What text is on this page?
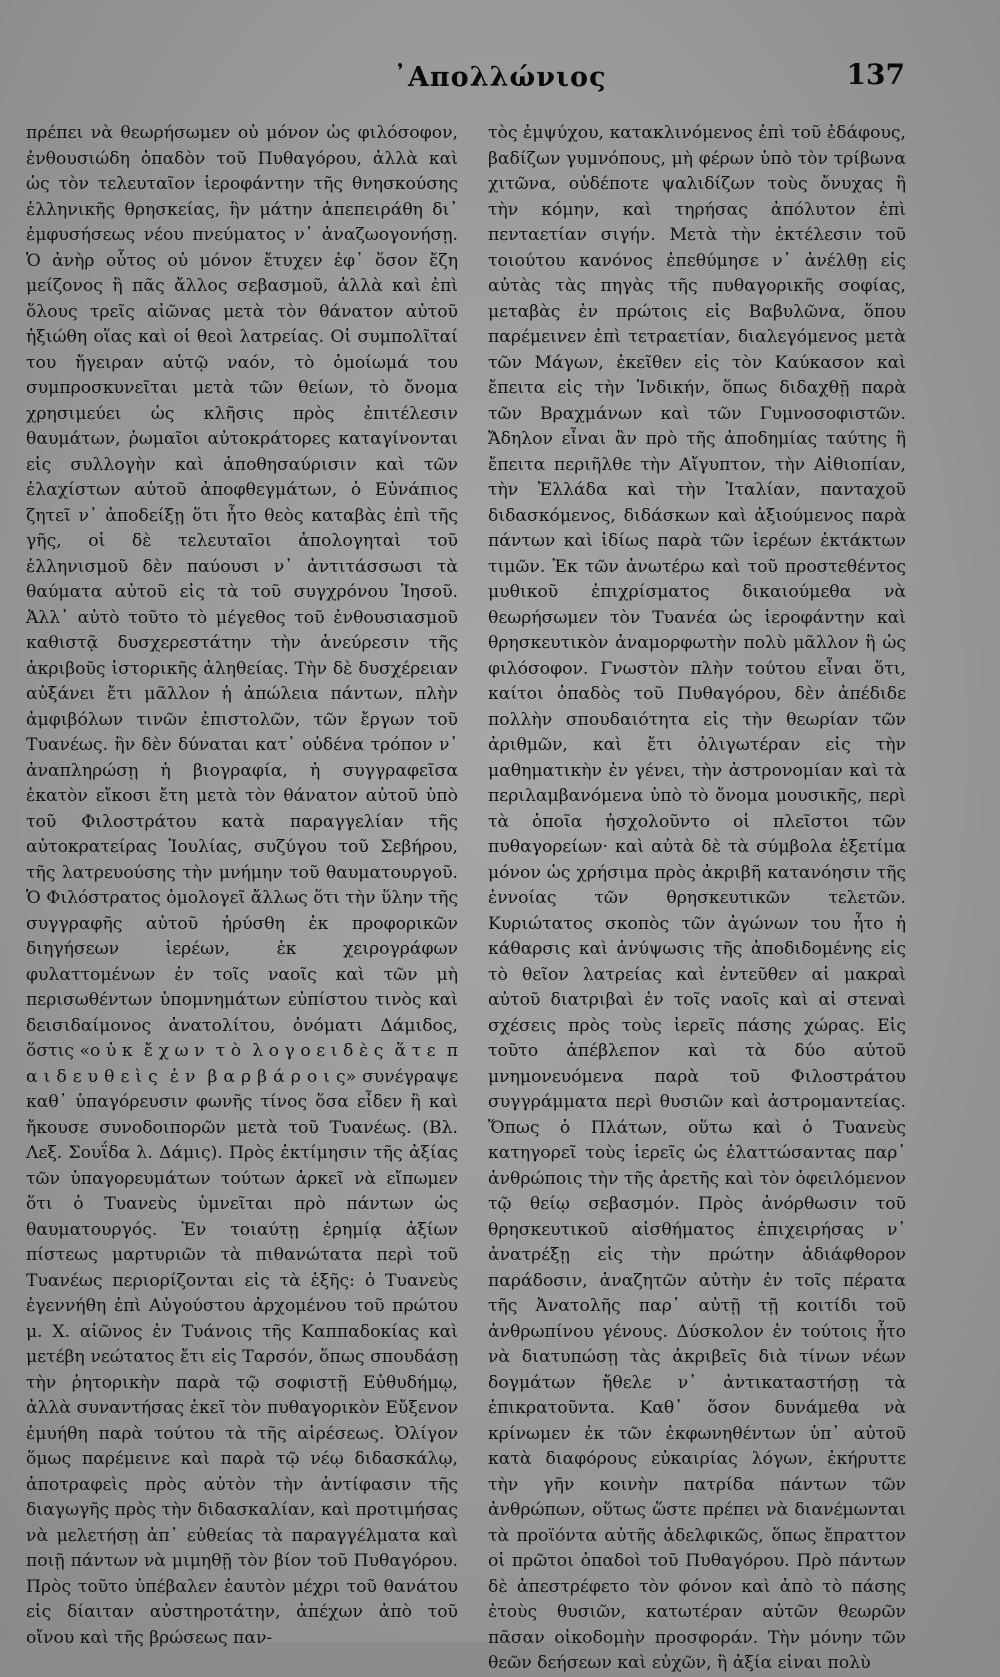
᾿Απολλώνιος	137

πρέπει νὰ θεωρήσωμεν οὐ μόνον ὡς φιλόσοφον, ἐνθουσιώδη ὀπαδὸν τοῦ Πυθαγόρου, ἀλλὰ καὶ ὡς τὸν τελευταῖον ἱεροφάντην τῆς θνησκούσης ἑλληνικῆς θρησκείας, ἣν μάτην ἀπεπειράθη δι᾿ ἐμφυσήσεως νέου πνεύματος ν᾿ ἀναζωογονήσῃ. Ὁ ἀνὴρ οὗτος οὐ μόνον ἔτυχεν ἐφ᾿ ὅσον ἔζη μείζονος ἢ πᾶς ἄλλος σεβασμοῦ, ἀλλὰ καὶ ἐπὶ ὅλους τρεῖς αἰῶνας μετὰ τὸν θάνατον αὐτοῦ ἠξιώθη οἵας καὶ οἱ θεοὶ λατρείας. Οἱ συμπολῖταί του ἤγειραν αὐτῷ ναόν, τὸ ὁμοίωμά του συμπροσκυνεῖται μετὰ τῶν θείων, τὸ ὄνομα χρησιμεύει ὡς κλῆσις πρὸς ἐπιτέλεσιν θαυμάτων, ῥωμαῖοι αὐτοκράτορες καταγίνονται εἰς συλλογὴν καὶ ἀποθησαύρισιν καὶ τῶν ἐλαχίστων αὐτοῦ ἀποφθεγμάτων, ὁ Εὐνάπιος ζητεῖ ν᾿ ἀποδείξῃ ὅτι ἦτο θεὸς καταβὰς ἐπὶ τῆς γῆς, οἱ δὲ τελευταῖοι ἀπολογηταὶ τοῦ ἑλληνισμοῦ δὲν παύουσι ν᾿ ἀντιτάσσωσι τὰ θαύματα αὐτοῦ εἰς τὰ τοῦ συγχρόνου Ἰησοῦ. Ἀλλ᾿ αὐτὸ τοῦτο τὸ μέγεθος τοῦ ἐνθουσιασμοῦ καθιστᾷ δυσχερεστάτην τὴν ἀνεύρεσιν τῆς ἀκριβοῦς ἱστορικῆς ἀληθείας. Τὴν δὲ δυσχέρειαν αὐξάνει ἔτι μᾶλλον ἡ ἀπώλεια πάντων, πλὴν ἀμφιβόλων τινῶν ἐπιστολῶν, τῶν ἔργων τοῦ Τυανέως. ἣν δὲν δύναται κατ᾿ οὐδένα τρόπον ν᾿ ἀναπληρώσῃ ἡ βιογραφία, ἡ συγγραφεῖσα ἑκατὸν εἴκοσι ἔτη μετὰ τὸν θάνατον αὐτοῦ ὑπὸ τοῦ Φιλοστράτου κατὰ παραγγελίαν τῆς αὐτοκρατείρας Ἰουλίας, συζύγου τοῦ Σεβήρου, τῆς λατρευούσης τὴν μνήμην τοῦ θαυματουργοῦ. Ὁ Φιλόστρατος ὁμολογεῖ ἄλλως ὅτι τὴν ὕλην τῆς συγγραφῆς αὐτοῦ ἠρύσθη ἐκ προφορικῶν διηγήσεων ἱερέων, ἐκ χειρογράφων φυλαττομένων ἐν τοῖς ναοῖς καὶ τῶν μὴ περισωθέντων ὑπομνημάτων εὐπίστου τινὸς καὶ δεισιδαίμονος ἀνατολίτου, ὀνόματι Δάμιδος, ὅστις «ο ὐ κ  ἔ χ ω ν  τ ὸ  λ ο γ ο ε ι δ ὲ ς  ἅ τ ε  π α ι δ ε υ θ ε ὶ ς  ἐ ν  β α ρ β ά ρ ο ι ς» συνέγραψε καθ᾿ ὑπαγόρευσιν φωνῆς τίνος ὅσα εἶδεν ἢ καὶ ἤκουσε συνοδοιπορῶν μετὰ τοῦ Τυανέως. (Βλ. Λεξ. Σουΐδα λ. Δάμις). Πρὸς ἐκτίμησιν τῆς ἀξίας τῶν ὑπαγορευμάτων τούτων ἀρκεῖ νὰ εἴπωμεν ὅτι ὁ Τυανεὺς ὑμνεῖται πρὸ πάντων ὡς θαυματουργός. Ἐν τοιαύτῃ ἐρημίᾳ ἀξίων πίστεως μαρτυριῶν τὰ πιθανώτατα περὶ τοῦ Τυανέως περιορίζονται εἰς τὰ ἑξῆς: ὁ Τυανεὺς ἐγεννήθη ἐπὶ Αὐγούστου ἀρχομένου τοῦ πρώτου μ. Χ. αἰῶνος ἐν Τυάνοις τῆς Καππαδοκίας καὶ μετέβη νεώτατος ἔτι εἰς Ταρσόν, ὅπως σπουδάσῃ τὴν ῥητορικὴν παρὰ τῷ σοφιστῇ Εὐθυδήμῳ, ἀλλὰ συναντήσας ἐκεῖ τὸν πυθαγορικὸν Εὔξενον ἐμυήθη παρὰ τούτου τὰ τῆς αἱρέσεως. Ὀλίγον ὅμως παρέμεινε καὶ παρὰ τῷ νέῳ διδασκάλῳ, ἀποτραφεὶς πρὸς αὐτὸν τὴν ἀντίφασιν τῆς διαγωγῆς πρὸς τὴν διδασκαλίαν, καὶ προτιμήσας νὰ μελετήσῃ ἀπ᾿ εὐθείας τὰ παραγγέλματα καὶ ποιῇ πάντων νὰ μιμηθῇ τὸν βίον τοῦ Πυθαγόρου. Πρὸς τοῦτο ὑπέβαλεν ἑαυτὸν μέχρι τοῦ θανάτου εἰς δίαιταν αὐστηροτάτην, ἀπέχων ἀπὸ τοῦ οἴνου καὶ τῆς βρώσεως παν-

τὸς ἐμψύχου, κατακλινόμενος ἐπὶ τοῦ ἐδάφους, βαδίζων γυμνόπους, μὴ φέρων ὑπὸ τὸν τρίβωνα χιτῶνα, οὐδέποτε ψαλιδίζων τοὺς ὄνυχας ἢ τὴν κόμην, καὶ τηρήσας ἀπόλυτον ἐπὶ πενταετίαν σιγήν. Μετὰ τὴν ἐκτέλεσιν τοῦ τοιούτου κανόνος ἐπεθύμησε ν᾿ ἀνέλθῃ εἰς αὐτὰς τὰς πηγὰς τῆς πυθαγορικῆς σοφίας, μεταβὰς ἐν πρώτοις εἰς Βαβυλῶνα, ὅπου παρέμεινεν ἐπὶ τετραετίαν, διαλεγόμενος μετὰ τῶν Μάγων, ἐκεῖθεν εἰς τὸν Καύκασον καὶ ἔπειτα εἰς τὴν Ἰνδικήν, ὅπως διδαχθῇ παρὰ τῶν Βραχμάνων καὶ τῶν Γυμνοσοφιστῶν. Ἄδηλον εἶναι ἂν πρὸ τῆς ἀποδημίας ταύτης ἢ ἔπειτα περιῆλθε τὴν Αἴγυπτον, τὴν Αἰθιοπίαν, τὴν Ἑλλάδα καὶ τὴν Ἰταλίαν, πανταχοῦ διδασκόμενος, διδάσκων καὶ ἀξιούμενος παρὰ πάντων καὶ ἰδίως παρὰ τῶν ἱερέων ἐκτάκτων τιμῶν. Ἐκ τῶν ἀνωτέρω καὶ τοῦ προστεθέντος μυθικοῦ ἐπιχρίσματος δικαιούμεθα νὰ θεωρήσωμεν τὸν Τυανέα ὡς ἱεροφάντην καὶ θρησκευτικὸν ἀναμορφωτὴν πολὺ μᾶλλον ἢ ὡς φιλόσοφον. Γνωστὸν πλὴν τούτου εἶναι ὅτι, καίτοι ὀπαδὸς τοῦ Πυθαγόρου, δὲν ἀπέδιδε πολλὴν σπουδαιότητα εἰς τὴν θεωρίαν τῶν ἀριθμῶν, καὶ ἔτι ὀλιγωτέραν εἰς τὴν μαθηματικὴν ἐν γένει, τὴν ἀστρονομίαν καὶ τὰ περιλαμβανόμενα ὑπὸ τὸ ὄνομα μουσικῆς, περὶ τὰ ὁποῖα ἠσχολοῦντο οἱ πλεῖστοι τῶν πυθαγορείων· καὶ αὐτὰ δὲ τὰ σύμβολα ἐξετίμα μόνον ὡς χρήσιμα πρὸς ἀκριβῆ κατανόησιν τῆς ἐννοίας τῶν θρησκευτικῶν τελετῶν. Κυριώτατος σκοπὸς τῶν ἀγώνων του ἦτο ἡ κάθαρσις καὶ ἀνύψωσις τῆς ἀποδιδομένης εἰς τὸ θεῖον λατρείας καὶ ἐντεῦθεν αἱ μακραὶ αὐτοῦ διατριβαὶ ἐν τοῖς ναοῖς καὶ αἱ στεναὶ σχέσεις πρὸς τοὺς ἱερεῖς πάσης χώρας. Εἰς τοῦτο ἀπέβλεπον καὶ τὰ δύο αὐτοῦ μνημονευόμενα παρὰ τοῦ Φιλοστράτου συγγράμματα περὶ θυσιῶν καὶ ἀστρομαντείας. Ὅπως ὁ Πλάτων, οὕτω καὶ ὁ Τυανεὺς κατηγορεῖ τοὺς ἱερεῖς ὡς ἐλαττώσαντας παρ᾿ ἀνθρώποις τὴν τῆς ἀρετῆς καὶ τὸν ὀφειλόμενον τῷ θείῳ σεβασμόν. Πρὸς ἀνόρθωσιν τοῦ θρησκευτικοῦ αἰσθήματος ἐπιχειρήσας ν᾿ ἀνατρέξῃ εἰς τὴν πρώτην ἀδιάφθορον παράδοσιν, ἀναζητῶν αὐτὴν ἐν τοῖς πέρατα τῆς Ἀνατολῆς παρ᾿ αὐτῇ τῇ κοιτίδι τοῦ ἀνθρωπίνου γένους. Δύσκολον ἐν τούτοις ἦτο νὰ διατυπώσῃ τὰς ἀκριβεῖς διὰ τίνων νέων δογμάτων ἤθελε ν᾿ ἀντικαταστήσῃ τὰ ἐπικρατοῦντα. Καθ᾿ ὅσον δυνάμεθα νὰ κρίνωμεν ἐκ τῶν ἐκφωνηθέντων ὑπ᾿ αὐτοῦ κατὰ διαφόρους εὐκαιρίας λόγων, ἐκήρυττε τὴν γῆν κοινὴν πατρίδα πάντων τῶν ἀνθρώπων, οὕτως ὥστε πρέπει νὰ διανέμωνται τὰ προϊόντα αὐτῆς ἀδελφικῶς, ὅπως ἔπραττον οἱ πρῶτοι ὀπαδοὶ τοῦ Πυθαγόρου. Πρὸ πάντων δὲ ἀπεστρέφετο τὸν φόνον καὶ ἀπὸ τὸ πάσης ἐτοὺς θυσιῶν, κατωτέραν αὐτῶν θεωρῶν πᾶσαν οἰκοδομὴν προσφοράν. Τὴν μόνην τῶν θεῶν δεήσεων καὶ εὐχῶν, ἢ ἀξία εἰναι πολὺ
